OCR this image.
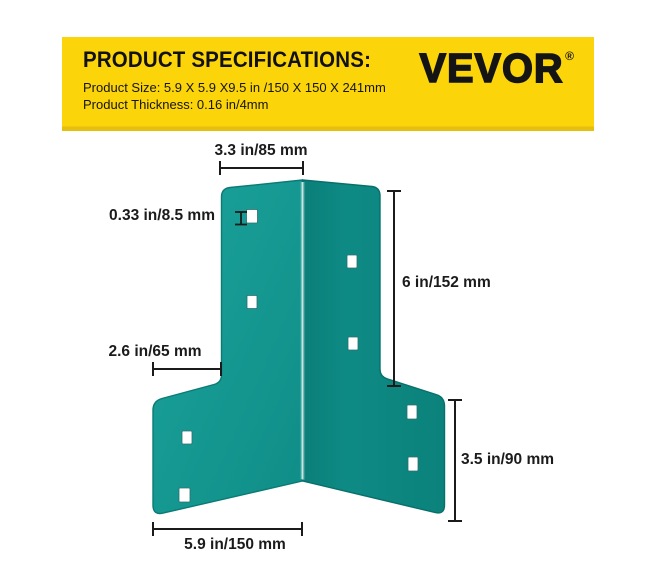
PRODUCT SPECIFICATIONS:
Product Size: 5.9 X 5.9 X9.5 in /150 X 150 X 241mm
Product Thickness: 0.16 in/4mm
VEVOR ®
3.3 in/85 mm
0.33 in/8.5 mm
6 in/152 mm
2.6 in/65 mm
3.5 in/90 mm
5.9 in/150 mm
